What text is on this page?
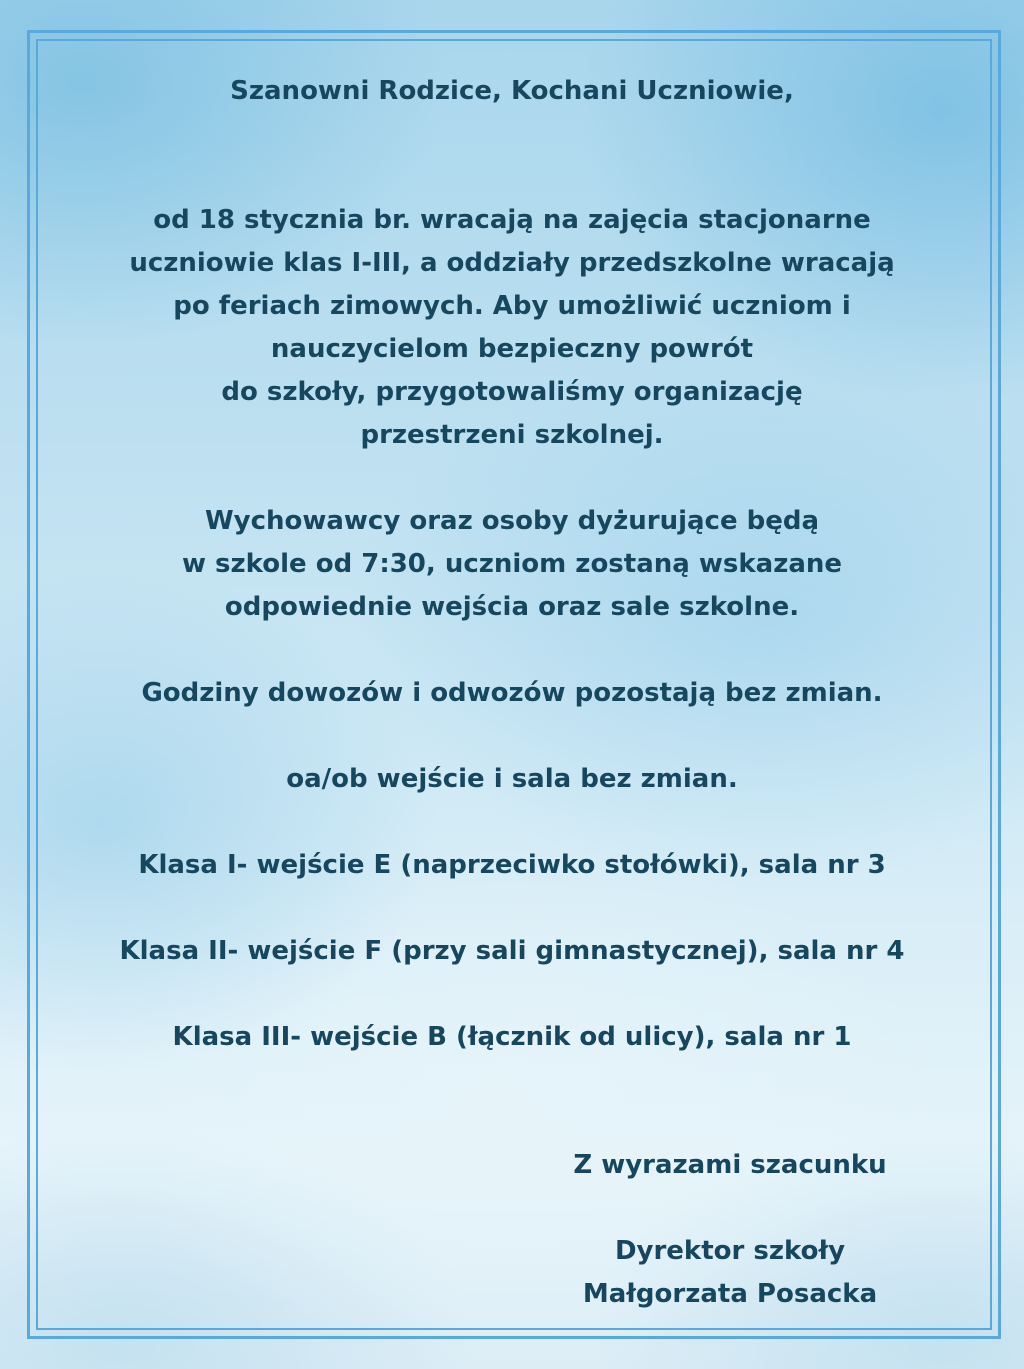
Szanowni Rodzice, Kochani Uczniowie,

od 18 stycznia br. wracają na zajęcia stacjonarne

uczniowie klas I-III, a oddziały przedszkolne wracają

po feriach zimowych. Aby umożliwić uczniom i

nauczycielom bezpieczny powrót

do szkoły, przygotowaliśmy organizację

przestrzeni szkolnej.

Wychowawcy oraz osoby dyżurujące będą

w szkole od 7:30, uczniom zostaną wskazane

odpowiednie wejścia oraz sale szkolne.

Godziny dowozów i odwozów pozostają bez zmian.

oa/ob wejście i sala bez zmian.

Klasa I- wejście E (naprzeciwko stołówki), sala nr 3

Klasa II- wejście F (przy sali gimnastycznej), sala nr 4

Klasa III- wejście B (łącznik od ulicy), sala nr 1

Z wyrazami szacunku
Dyrektor szkoły
Małgorzata Posacka
